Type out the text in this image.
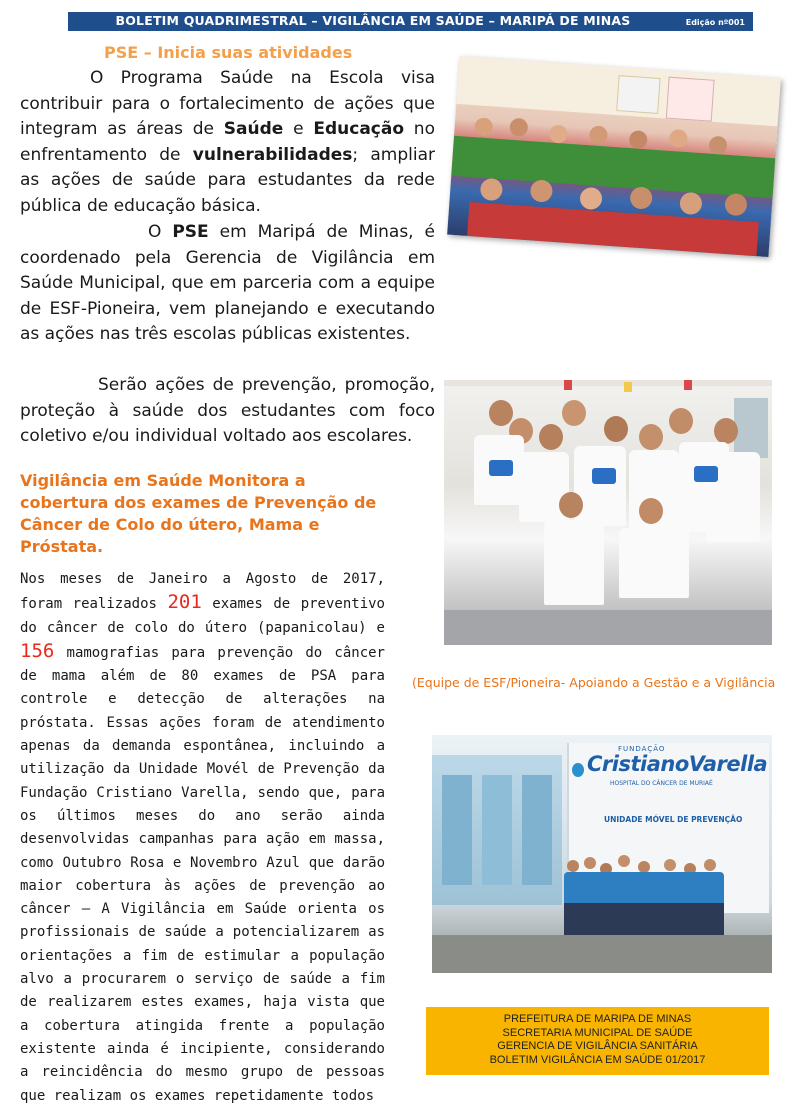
BOLETIM QUADRIMESTRAL – VIGILÂNCIA EM SAÚDE – MARIPÁ DE MINAS	Edição nº001
PSE – Inicia suas atividades
O Programa Saúde na Escola visa contribuir para o fortalecimento de ações que integram as áreas de Saúde e Educação no enfrentamento de vulnerabilidades; ampliar as ações de saúde para estudantes da rede pública de educação básica.
O PSE em Maripá de Minas, é coordenado pela Gerencia de Vigilância em Saúde Municipal, que em parceria com a equipe de ESF-Pioneira, vem planejando e executando as ações nas três escolas públicas existentes.
Serão ações de prevenção, promoção, proteção à saúde dos estudantes com foco coletivo e/ou individual voltado aos escolares.
Vigilância em Saúde Monitora a cobertura dos exames de Prevenção de Câncer de Colo do útero, Mama e Próstata.
Nos meses de Janeiro a Agosto de 2017, foram realizados 201 exames de preventivo do câncer de colo do útero (papanicolau) e 156 mamografias para prevenção do câncer de mama além de 80 exames de PSA para controle e detecção de alterações na próstata. Essas ações foram de atendimento apenas da demanda espontânea, incluindo a utilização da Unidade Movél de Prevenção da Fundação Cristiano Varella, sendo que, para os últimos meses do ano serão ainda desenvolvidas campanhas para ação em massa, como Outubro Rosa e Novembro Azul que darão maior cobertura às ações de prevenção ao câncer – A Vigilância em Saúde orienta os profissionais de saúde a potencializarem as orientações a fim de estimular a população alvo a procurarem o serviço de saúde a fim de realizarem estes exames, haja vista que a cobertura atingida frente a população existente ainda é incipiente, considerando a reincidência do mesmo grupo de pessoas que realizam os exames repetidamente todos
(Equipe de ESF/Pioneira- Apoiando a Gestão e a Vigilância
FUNDAÇÃO
CristianoVarella
HOSPITAL DO CÂNCER DE MURIAÉ
UNIDADE MÓVEL DE PREVENÇÃO
PREFEITURA DE MARIPA DE MINAS
SECRETARIA MUNICIPAL DE SAÚDE
GERENCIA DE VIGILÂNCIA SANITÁRIA
BOLETIM VIGILÂNCIA EM SAÚDE 01/2017
